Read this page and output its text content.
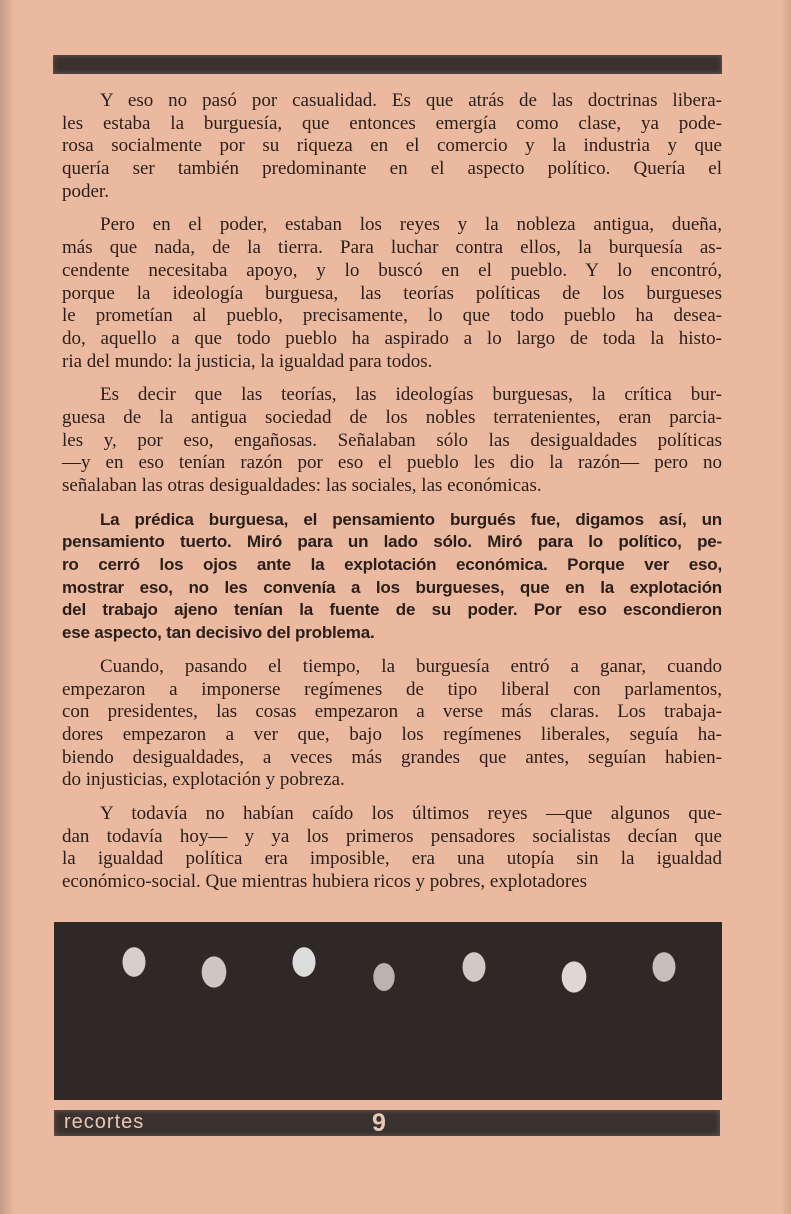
Y eso no pasó por casualidad. Es que atrás de las doctrinas libera-
les estaba la burguesía, que entonces emergía como clase, ya pode-
rosa socialmente por su riqueza en el comercio y la industria y que
quería ser también predominante en el aspecto político. Quería el
poder.
Pero en el poder, estaban los reyes y la nobleza antigua, dueña,
más que nada, de la tierra. Para luchar contra ellos, la burquesía as-
cendente necesitaba apoyo, y lo buscó en el pueblo. Y lo encontró,
porque la ideología burguesa, las teorías políticas de los burgueses
le prometían al pueblo, precisamente, lo que todo pueblo ha desea-
do, aquello a que todo pueblo ha aspirado a lo largo de toda la histo-
ria del mundo: la justicia, la igualdad para todos.
Es decir que las teorías, las ideologías burguesas, la crítica bur-
guesa de la antigua sociedad de los nobles terratenientes, eran parcia-
les y, por eso, engañosas. Señalaban sólo las desigualdades políticas
—y en eso tenían razón por eso el pueblo les dio la razón— pero no
señalaban las otras desigualdades: las sociales, las económicas.
La prédica burguesa, el pensamiento burgués fue, digamos así, un
pensamiento tuerto. Miró para un lado sólo. Miró para lo político, pe-
ro cerró los ojos ante la explotación económica. Porque ver eso,
mostrar eso, no les convenía a los burgueses, que en la explotación
del trabajo ajeno tenían la fuente de su poder. Por eso escondieron
ese aspecto, tan decisivo del problema.
Cuando, pasando el tiempo, la burguesía entró a ganar, cuando
empezaron a imponerse regímenes de tipo liberal con parlamentos,
con presidentes, las cosas empezaron a verse más claras. Los trabaja-
dores empezaron a ver que, bajo los regímenes liberales, seguía ha-
biendo desigualdades, a veces más grandes que antes, seguían habien-
do injusticias, explotación y pobreza.
Y todavía no habían caído los últimos reyes —que algunos que-
dan todavía hoy— y ya los primeros pensadores socialistas decían que
la igualdad política era imposible, era una utopía sin la igualdad
económico-social. Que mientras hubiera ricos y pobres, explotadores
recortes	9
